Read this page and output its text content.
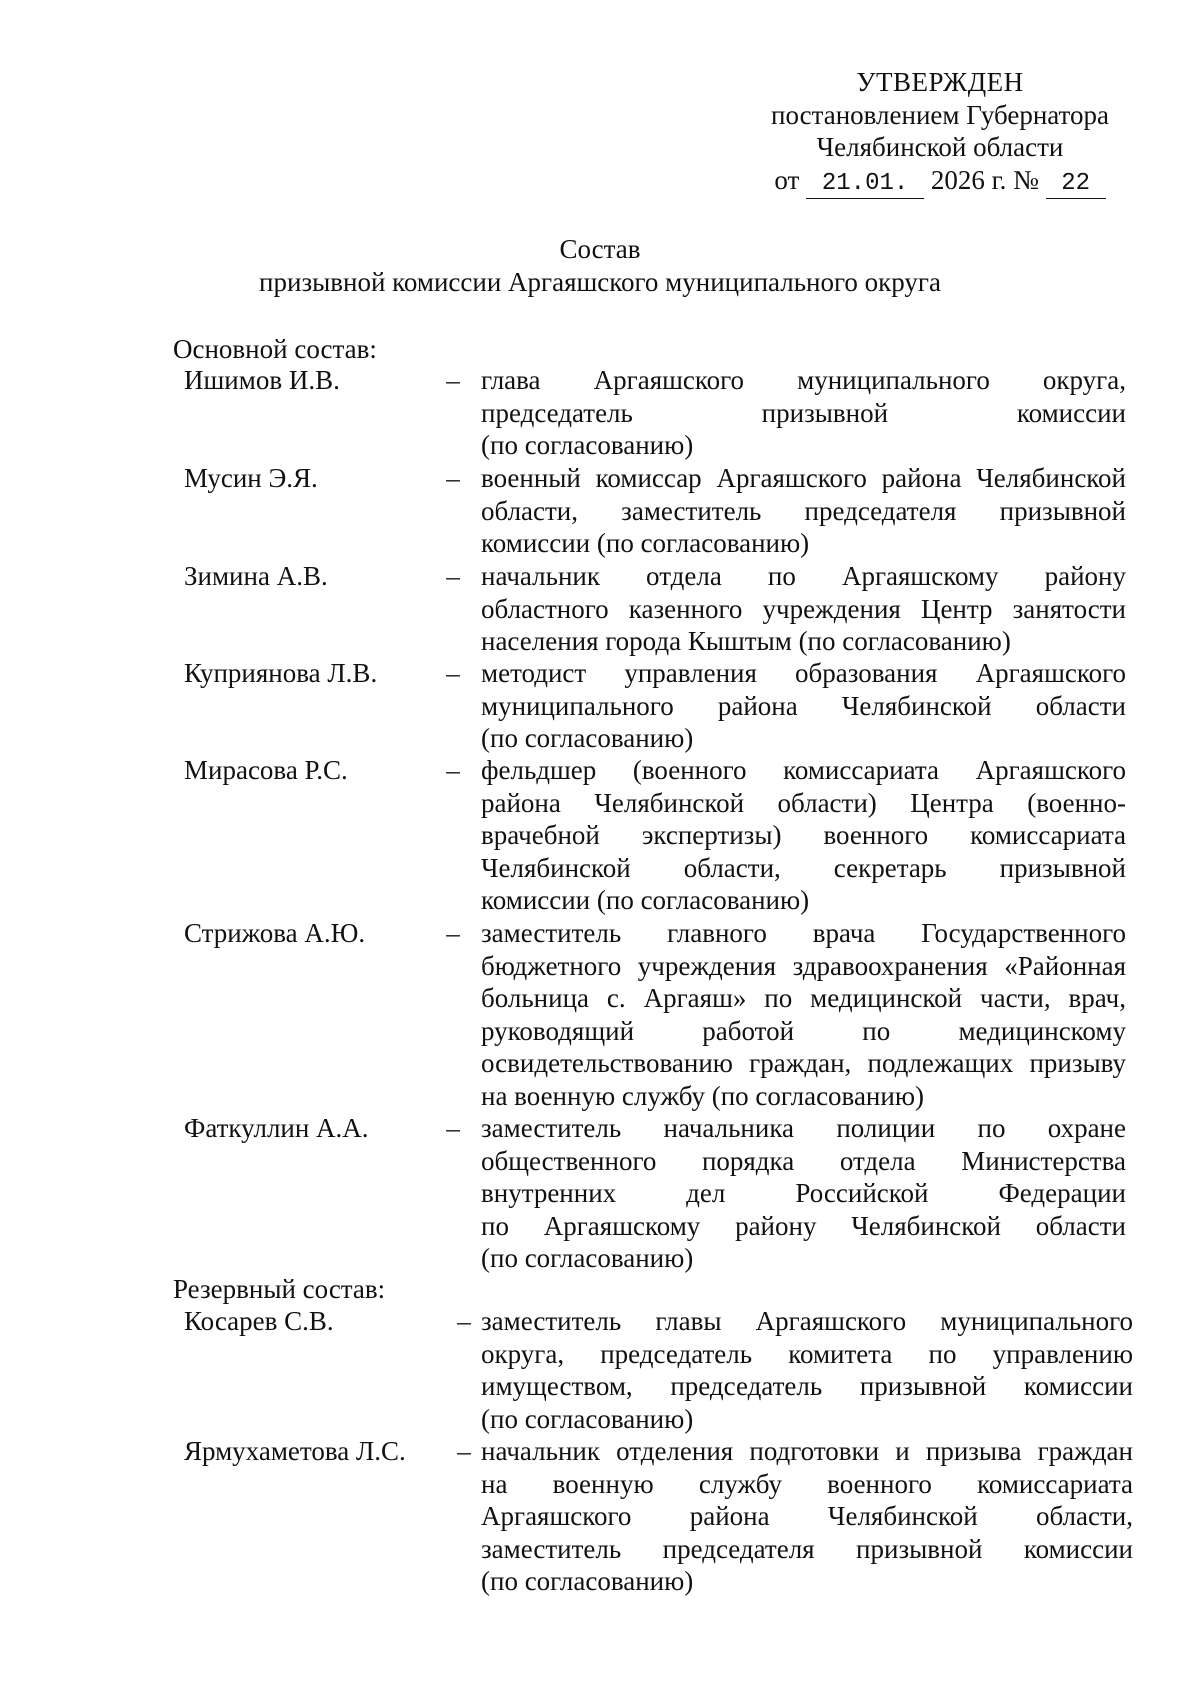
УТВЕРЖДЕН
постановлением Губернатора
Челябинской области
от 21.01. 2026 г. № 22
Состав
призывной комиссии Аргаяшского муниципального округа
Основной состав:
Ишимов И.В.	– глава Аргаяшского муниципального округа,
председатель призывной комиссии
(по согласованию)
Мусин Э.Я.	– военный комиссар Аргаяшского района Челябинской
области, заместитель председателя призывной
комиссии (по согласованию)
Зимина А.В.	– начальник отдела по Аргаяшскому району
областного казенного учреждения Центр занятости
населения города Кыштым (по согласованию)
Куприянова Л.В.	– методист управления образования Аргаяшского
муниципального района Челябинской области
(по согласованию)
Мирасова Р.С.	– фельдшер (военного комиссариата Аргаяшского
района Челябинской области) Центра (военно-
врачебной экспертизы) военного комиссариата
Челябинской области, секретарь призывной
комиссии (по согласованию)
Стрижова А.Ю.	– заместитель главного врача Государственного
бюджетного учреждения здравоохранения «Районная
больница с. Аргаяш» по медицинской части, врач,
руководящий работой по медицинскому
освидетельствованию граждан, подлежащих призыву
на военную службу (по согласованию)
Фаткуллин А.А.	– заместитель начальника полиции по охране
общественного порядка отдела Министерства
внутренних дел Российской Федерации
по Аргаяшскому району Челябинской области
(по согласованию)
Резервный состав:
Косарев С.В.	– заместитель главы Аргаяшского муниципального
округа, председатель комитета по управлению
имуществом, председатель призывной комиссии
(по согласованию)
Ярмухаметова Л.С. – начальник отделения подготовки и призыва граждан
на военную службу военного комиссариата
Аргаяшского района Челябинской области,
заместитель председателя призывной комиссии
(по согласованию)
